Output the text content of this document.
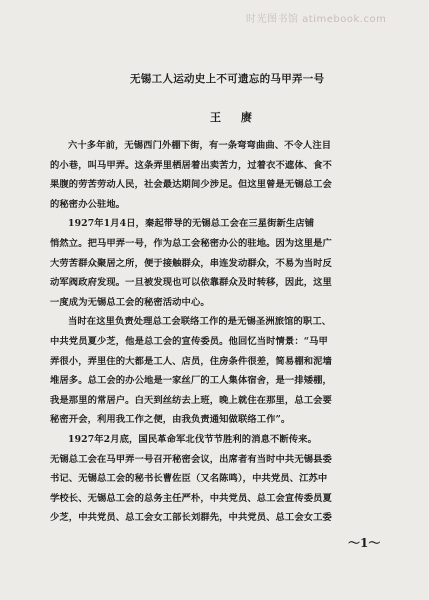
时光图书馆 atimebook.com
无锡工人运动史上不可遗忘的马甲弄一号
王 赓
六十多年前，无锡西门外棚下街，有一条弯弯曲曲、不令人注目
的小巷，叫马甲弄。这条弄里栖居着出卖苦力，过着衣不遮体、食不
果腹的劳苦劳动人民，社会最达期间少涉足。但这里曾是无锡总工会
的秘密办公驻地。
1927年1月4日，秦起带导的无锡总工会在三星街新生店铺
悄然立。把马甲弄一号，作为总工会秘密办公的驻地。因为这里是广
大劳苦群众聚居之所，便于接触群众，串连发动群众，不易为当时反
动军阀政府发现。一旦被发现也可以依靠群众及时转移，因此，这里
一度成为无锡总工会的秘密活动中心。
当时在这里负责处理总工会联络工作的是无锡圣洲旅馆的职工、
中共党员夏少芝，他是总工会的宣传委员。他回忆当时情景：“马甲
弄很小，弄里住的大都是工人、店员，住房条件很差，简易棚和泥墙
堆居多。总工会的办公地是一家丝厂的工人集体宿舍，是一排矮棚，
我是那里的常居户。白天到丝纺去上班，晚上就住在那里，总工会要
秘密开会，利用我工作之便，由我负责通知做联络工作”。
1927年2月底，国民革命军北伐节节胜利的消息不断传来。
无锡总工会在马甲弄一号召开秘密会议，出席者有当时中共无锡县委
书记、无锡总工会的秘书长曹佐臣（又名陈鸣），中共党员、江苏中
学校长、无锡总工会的总务主任严朴，中共党员、总工会宣传委员夏
少芝，中共党员、总工会女工部长刘群先，中共党员、总工会女工委
～1～
